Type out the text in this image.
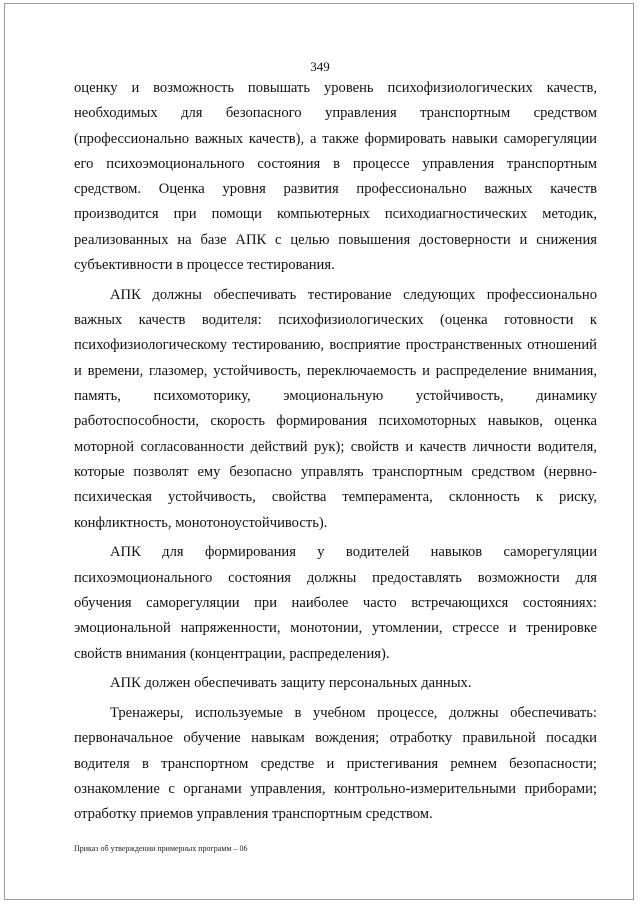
349

оценку и возможность повышать уровень психофизиологических качеств, необходимых для безопасного управления транспортным средством (профессионально важных качеств), а также формировать навыки саморегуляции его психоэмоционального состояния в процессе управления транспортным средством. Оценка уровня развития профессионально важных качеств производится при помощи компьютерных психодиагностических методик, реализованных на базе АПК с целью повышения достоверности и снижения субъективности в процессе тестирования.

АПК должны обеспечивать тестирование следующих профессионально важных качеств водителя: психофизиологических (оценка готовности к психофизиологическому тестированию, восприятие пространственных отношений и времени, глазомер, устойчивость, переключаемость и распределение внимания, память, психомоторику, эмоциональную устойчивость, динамику работоспособности, скорость формирования психомоторных навыков, оценка моторной согласованности действий рук); свойств и качеств личности водителя, которые позволят ему безопасно управлять транспортным средством (нервно-психическая устойчивость, свойства темперамента, склонность к риску, конфликтность, монотоноустойчивость).

АПК для формирования у водителей навыков саморегуляции психоэмоционального состояния должны предоставлять возможности для обучения саморегуляции при наиболее часто встречающихся состояниях: эмоциональной напряженности, монотонии, утомлении, стрессе и тренировке свойств внимания (концентрации, распределения).

АПК должен обеспечивать защиту персональных данных.

Тренажеры, используемые в учебном процессе, должны обеспечивать: первоначальное обучение навыкам вождения; отработку правильной посадки водителя в транспортном средстве и пристегивания ремнем безопасности; ознакомление с органами управления, контрольно-измерительными приборами; отработку приемов управления транспортным средством.

Приказ об утверждении примерных программ – 06
